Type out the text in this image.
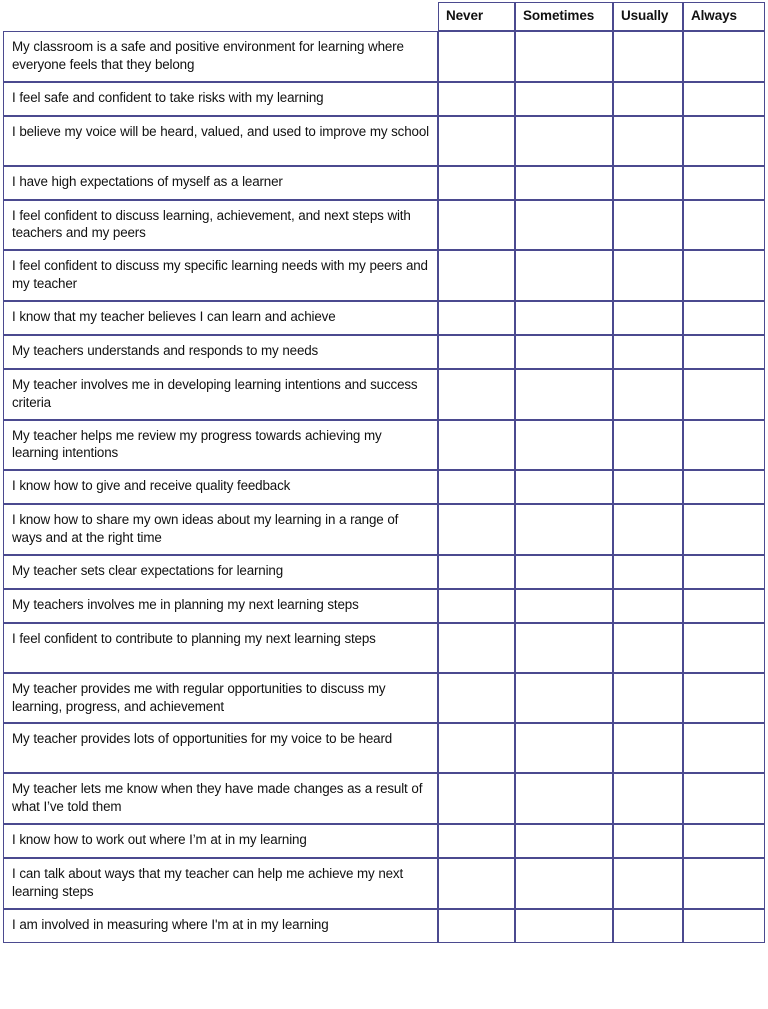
	Never	Sometimes	Usually	Always
My classroom is a safe and positive environment for learning where everyone feels that they belong				
I feel safe and confident to take risks with my learning				
I believe my voice will be heard, valued, and used to improve my school				
I have high expectations of myself as a learner				
I feel confident to discuss learning, achievement, and next steps with teachers and my peers				
I feel confident to discuss my specific learning needs with my peers and my teacher				
I know that my teacher believes I can learn and achieve				
My teachers understands and responds to my needs				
My teacher involves me in developing learning intentions and success criteria				
My teacher helps me review my progress towards achieving my learning intentions				
I know how to give and receive quality feedback				
I know how to share my own ideas about my learning in a range of ways and at the right time				
My teacher sets clear expectations for learning				
My teachers involves me in planning my next learning steps				
I feel confident to contribute to planning my next learning steps				
My teacher provides me with regular opportunities to discuss my learning, progress, and achievement				
My teacher provides lots of opportunities for my voice to be heard				
My teacher lets me know when they have made changes as a result of what I’ve told them				
I know how to work out where I’m at in my learning				
I can talk about ways that my teacher can help me achieve my next learning steps				
I am involved in measuring where I'm at in my learning				
